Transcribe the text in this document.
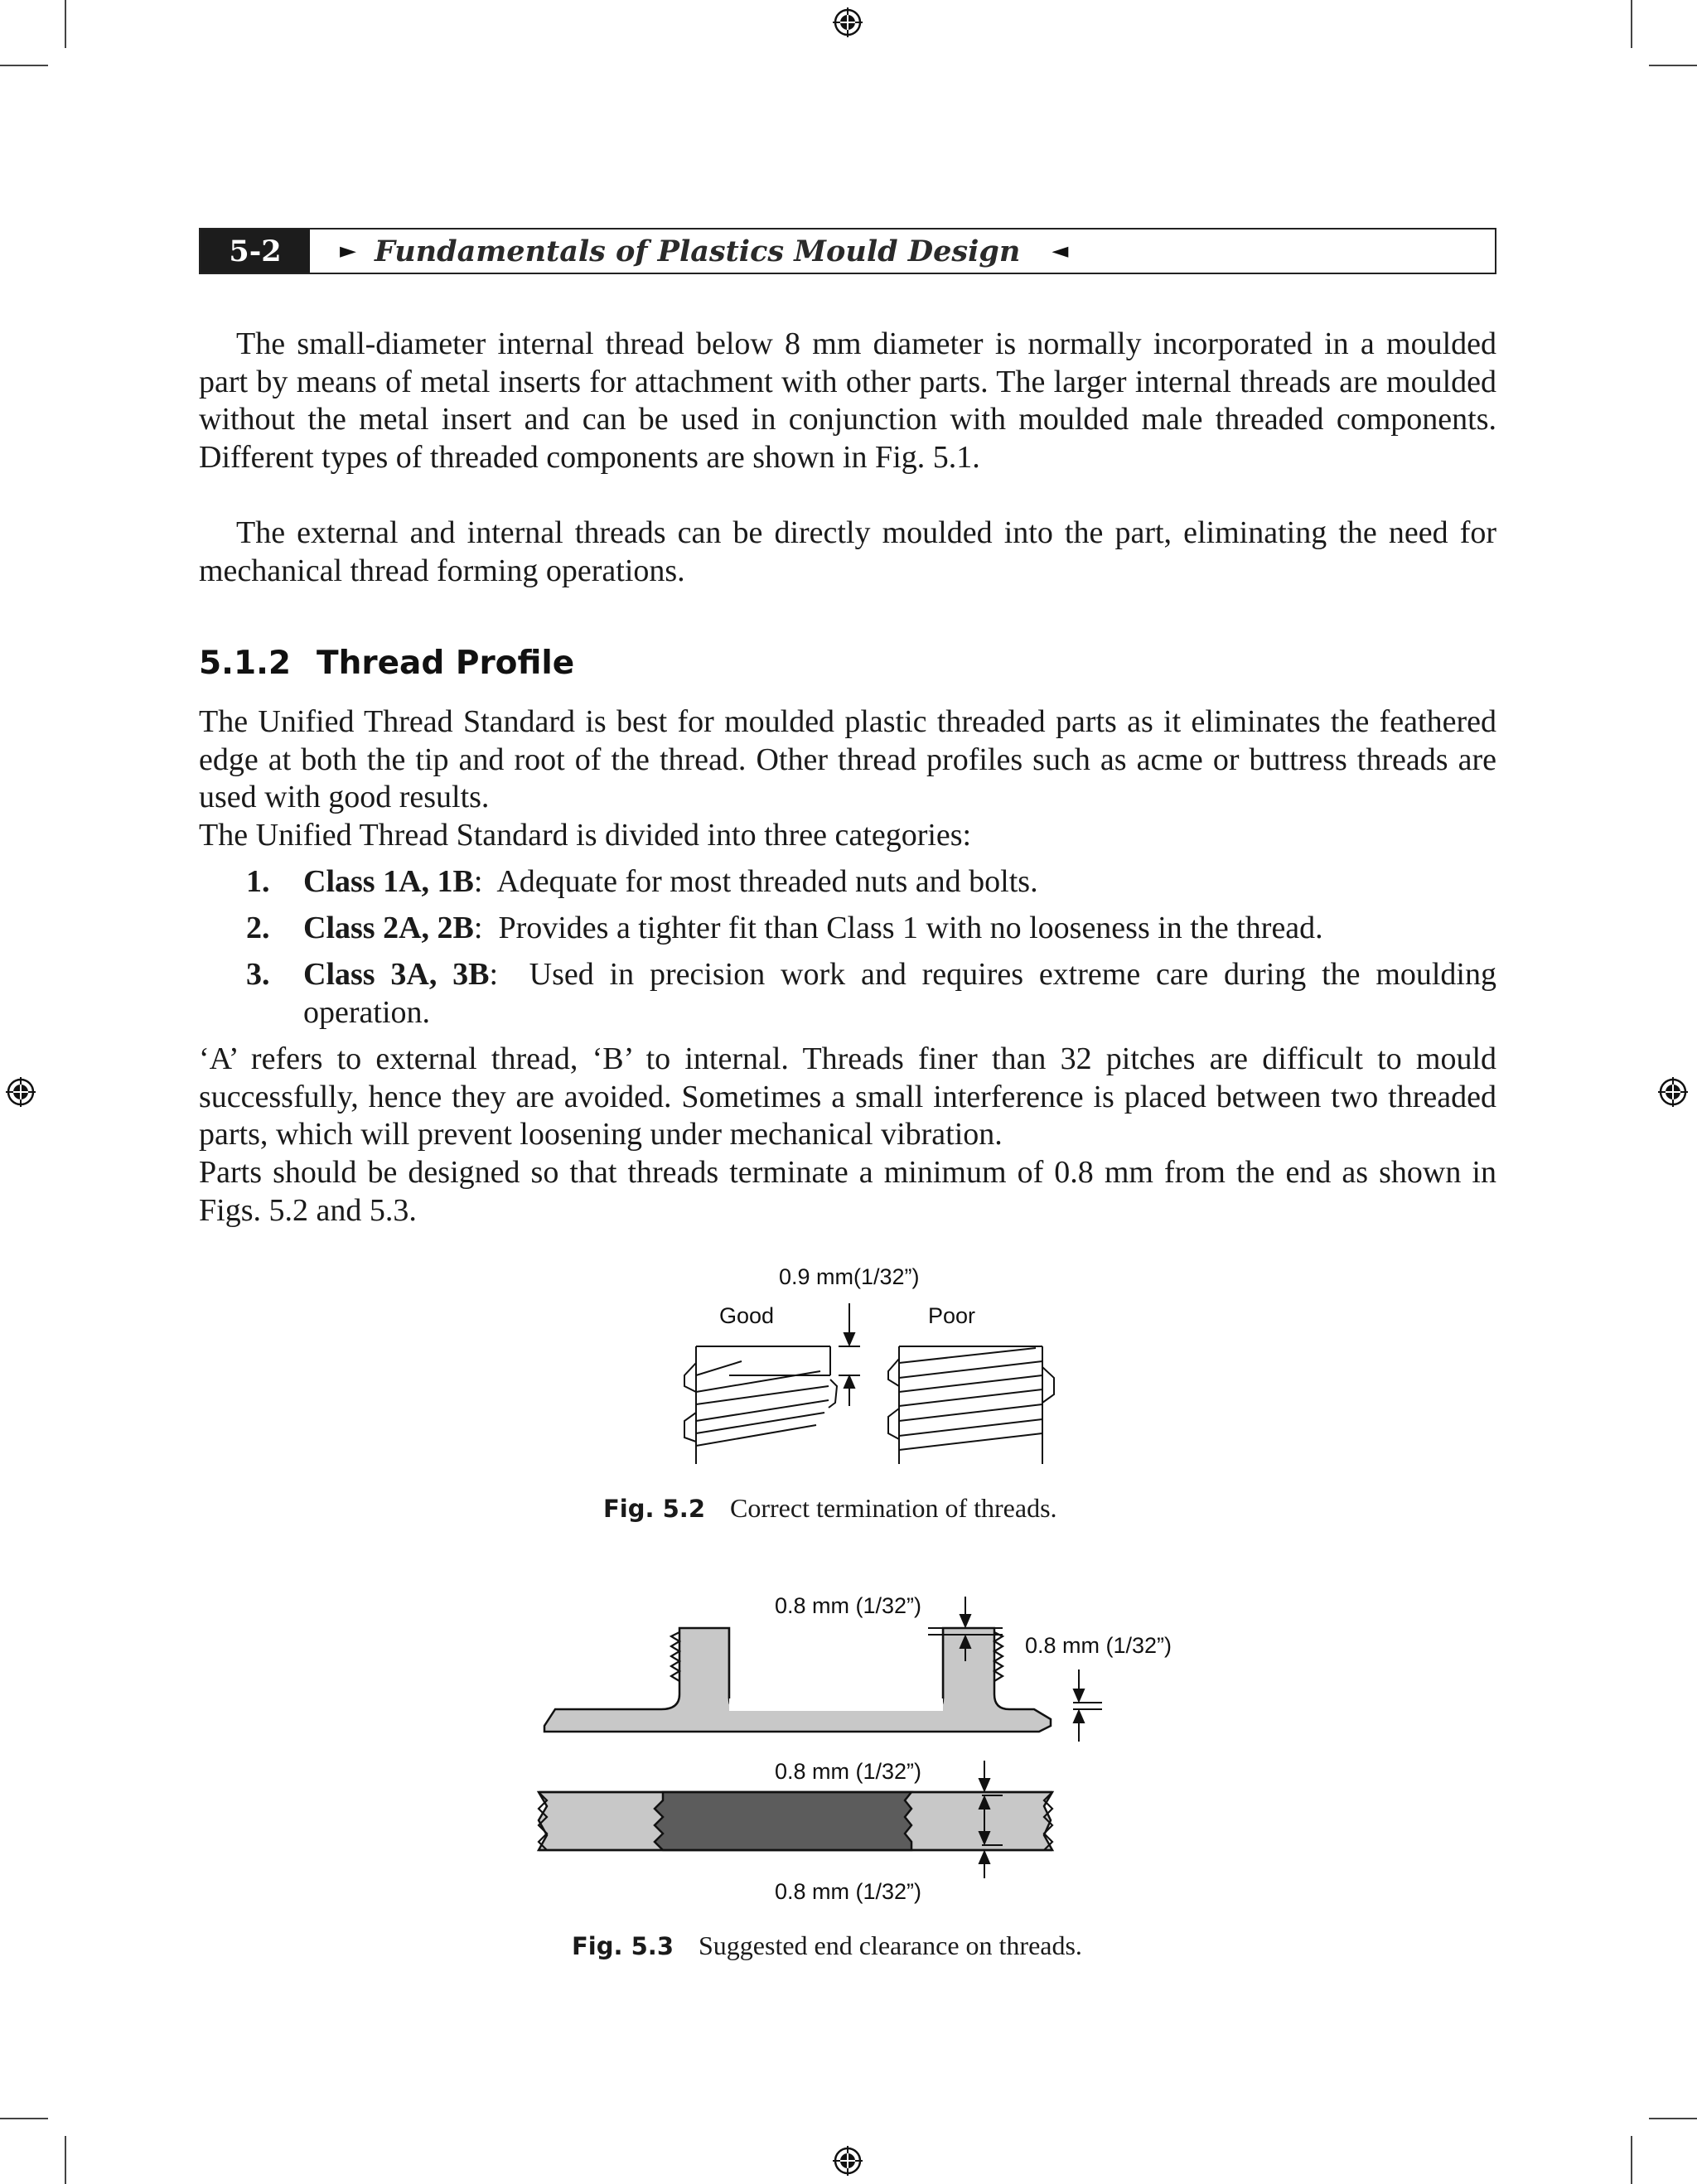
5-2	► Fundamentals of Plastics Mould Design ◄
The small-diameter internal thread below 8 mm diameter is normally incorporated in a moulded part by means of metal inserts for attachment with other parts. The larger internal threads are moulded without the metal insert and can be used in conjunction with moulded male threaded components. Different types of threaded components are shown in Fig. 5.1.
The external and internal threads can be directly moulded into the part, eliminating the need for mechanical thread forming operations.
5.1.2 Thread Profile
The Unified Thread Standard is best for moulded plastic threaded parts as it eliminates the feathered edge at both the tip and root of the thread. Other thread profiles such as acme or buttress threads are used with good results.
The Unified Thread Standard is divided into three categories:
1. Class 1A, 1B:  Adequate for most threaded nuts and bolts.
2. Class 2A, 2B:  Provides a tighter fit than Class 1 with no looseness in the thread.
3. Class 3A, 3B:  Used in precision work and requires extreme care during the moulding operation.
‘A’ refers to external thread, ‘B’ to internal. Threads finer than 32 pitches are difficult to mould successfully, hence they are avoided. Sometimes a small interference is placed between two threaded parts, which will prevent loosening under mechanical vibration.
Parts should be designed so that threads terminate a minimum of 0.8 mm from the end as shown in Figs. 5.2 and 5.3.
0.9 mm(1/32”)
Good	Poor
Fig. 5.2 Correct termination of threads.
0.8 mm (1/32”)
0.8 mm (1/32”)
0.8 mm (1/32”)
0.8 mm (1/32”)
Fig. 5.3 Suggested end clearance on threads.
